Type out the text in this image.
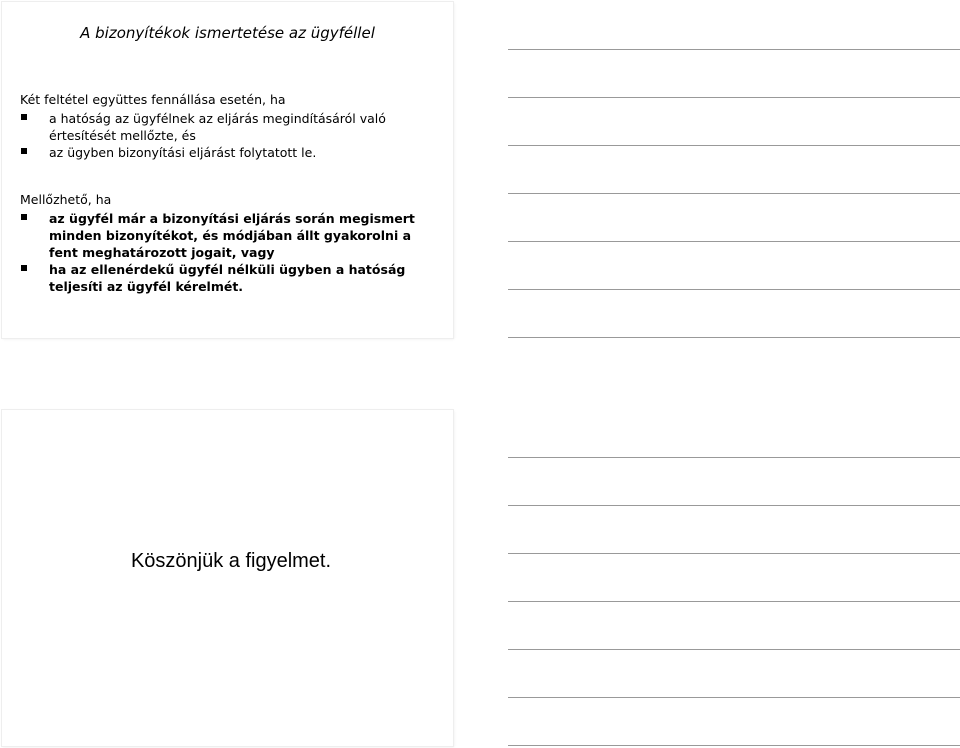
A bizonyítékok ismertetése az ügyféllel

Két feltétel együttes fennállása esetén, ha

a hatóság az ügyfélnek az eljárás megindításáról való értesítését mellőzte, és
az ügyben bizonyítási eljárást folytatott le.

Mellőzhető, ha

az ügyfél már a bizonyítási eljárás során megismert minden bizonyítékot, és módjában állt gyakorolni a fent meghatározott jogait, vagy
ha az ellenérdekű ügyfél nélküli ügyben a hatóság teljesíti az ügyfél kérelmét.
Köszönjük a figyelmet.
